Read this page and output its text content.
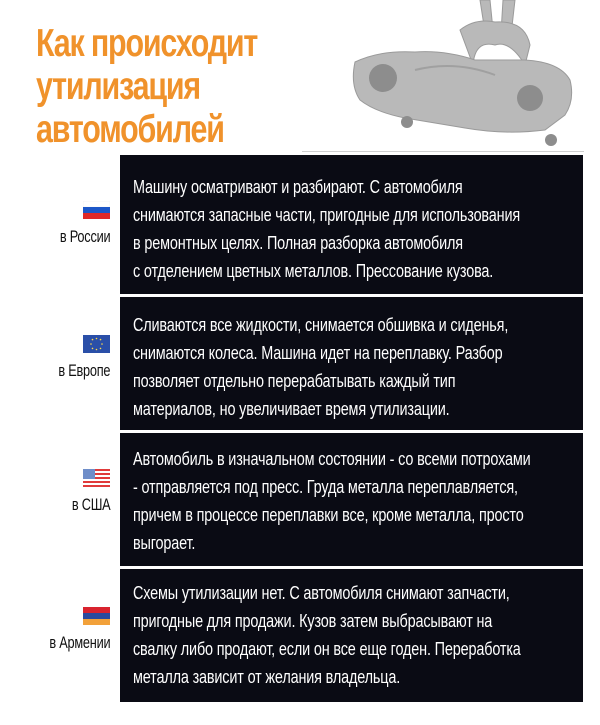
Как происходит
утилизация
автомобилей
в России
Машину осматривают и разбирают. С автомобиля
снимаются запасные части, пригодные для использования
в ремонтных целях. Полная разборка автомобиля
с отделением цветных металлов. Прессование кузова.
в Европе
Сливаются все жидкости, снимается обшивка и сиденья,
снимаются колеса. Машина идет на переплавку. Разбор
позволяет отдельно перерабатывать каждый тип
материалов, но увеличивает время утилизации.
в США
Автомобиль в изначальном состоянии - со всеми потрохами
- отправляется под пресс. Груда металла переплавляется,
причем в процессе переплавки все, кроме металла, просто
выгорает.
в Армении
Схемы утилизации нет. С автомобиля снимают запчасти,
пригодные для продажи. Кузов затем выбрасывают на
свалку либо продают, если он все еще годен. Переработка
металла зависит от желания владельца.
